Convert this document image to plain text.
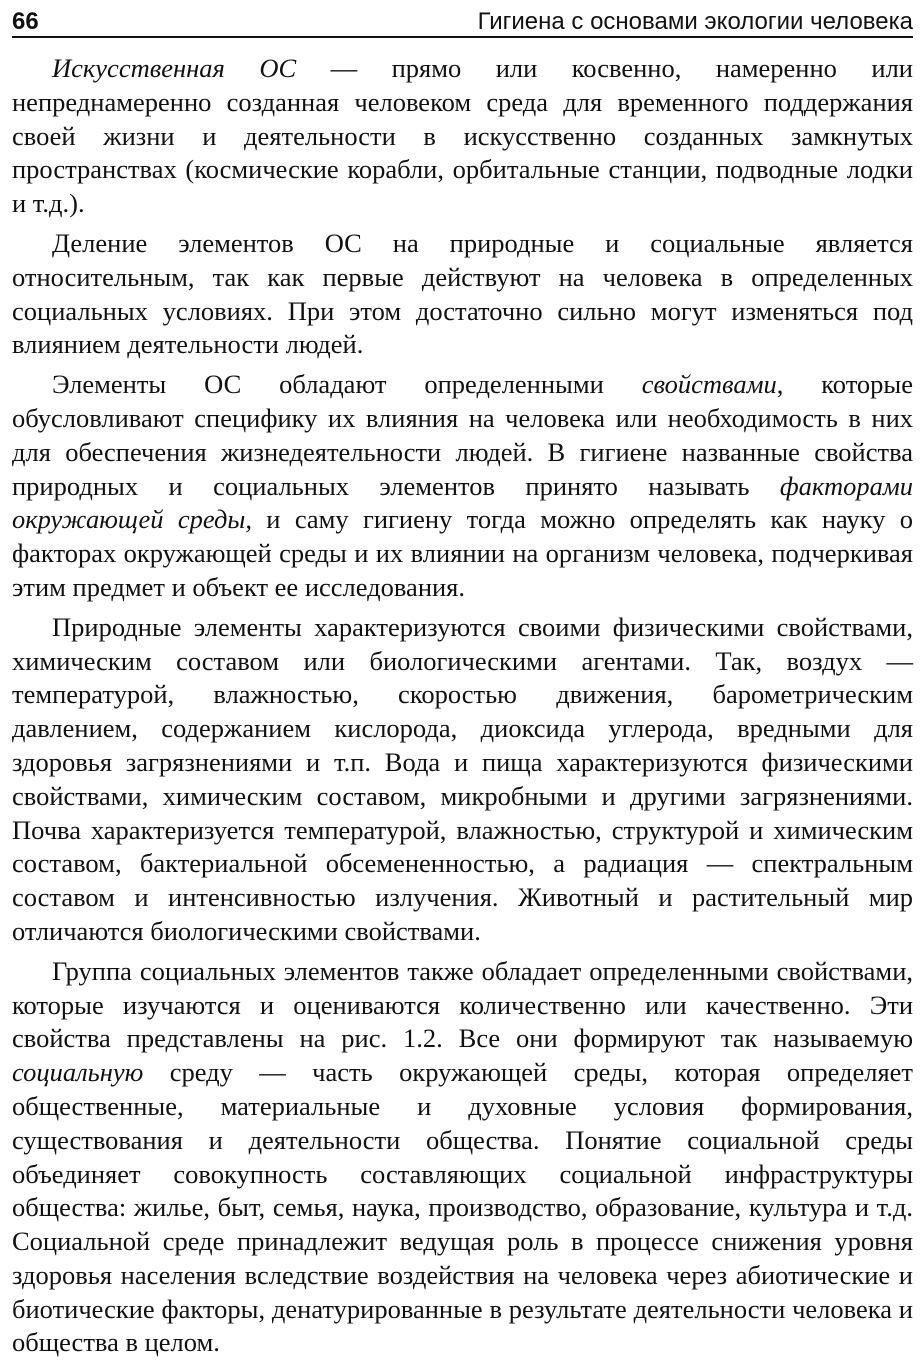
66	Гигиена с основами экологии человека

Искусственная ОС — прямо или косвенно, намеренно или непреднамеренно созданная человеком среда для временного поддержания своей жизни и деятельности в искусственно созданных замкнутых пространствах (космические корабли, орбитальные станции, подводные лодки и т.д.).

Деление элементов ОС на природные и социальные является относительным, так как первые действуют на человека в определенных социальных условиях. При этом достаточно сильно могут изменяться под влиянием деятельности людей.

Элементы ОС обладают определенными свойствами, которые обусловливают специфику их влияния на человека или необходимость в них для обеспечения жизнедеятельности людей. В гигиене названные свойства природных и социальных элементов принято называть факторами окружающей среды, и саму гигиену тогда можно определять как науку о факторах окружающей среды и их влиянии на организм человека, подчеркивая этим предмет и объект ее исследования.

Природные элементы характеризуются своими физическими свойствами, химическим составом или биологическими агентами. Так, воздух — температурой, влажностью, скоростью движения, барометрическим давлением, содержанием кислорода, диоксида углерода, вредными для здоровья загрязнениями и т.п. Вода и пища характеризуются физическими свойствами, химическим составом, микробными и другими загрязнениями. Почва характеризуется температурой, влажностью, структурой и химическим составом, бактериальной обсемененностью, а радиация — спектральным составом и интенсивностью излучения. Животный и растительный мир отличаются биологическими свойствами.

Группа социальных элементов также обладает определенными свойствами, которые изучаются и оцениваются количественно или качественно. Эти свойства представлены на рис. 1.2. Все они формируют так называемую социальную среду — часть окружающей среды, которая определяет общественные, материальные и духовные условия формирования, существования и деятельности общества. Понятие социальной среды объединяет совокупность составляющих социальной инфраструктуры общества: жилье, быт, семья, наука, производство, образование, культура и т.д. Социальной среде принадлежит ведущая роль в процессе снижения уровня здоровья населения вследствие воздействия на человека через абиотические и биотические факторы, денатурированные в результате деятельности человека и общества в целом.
